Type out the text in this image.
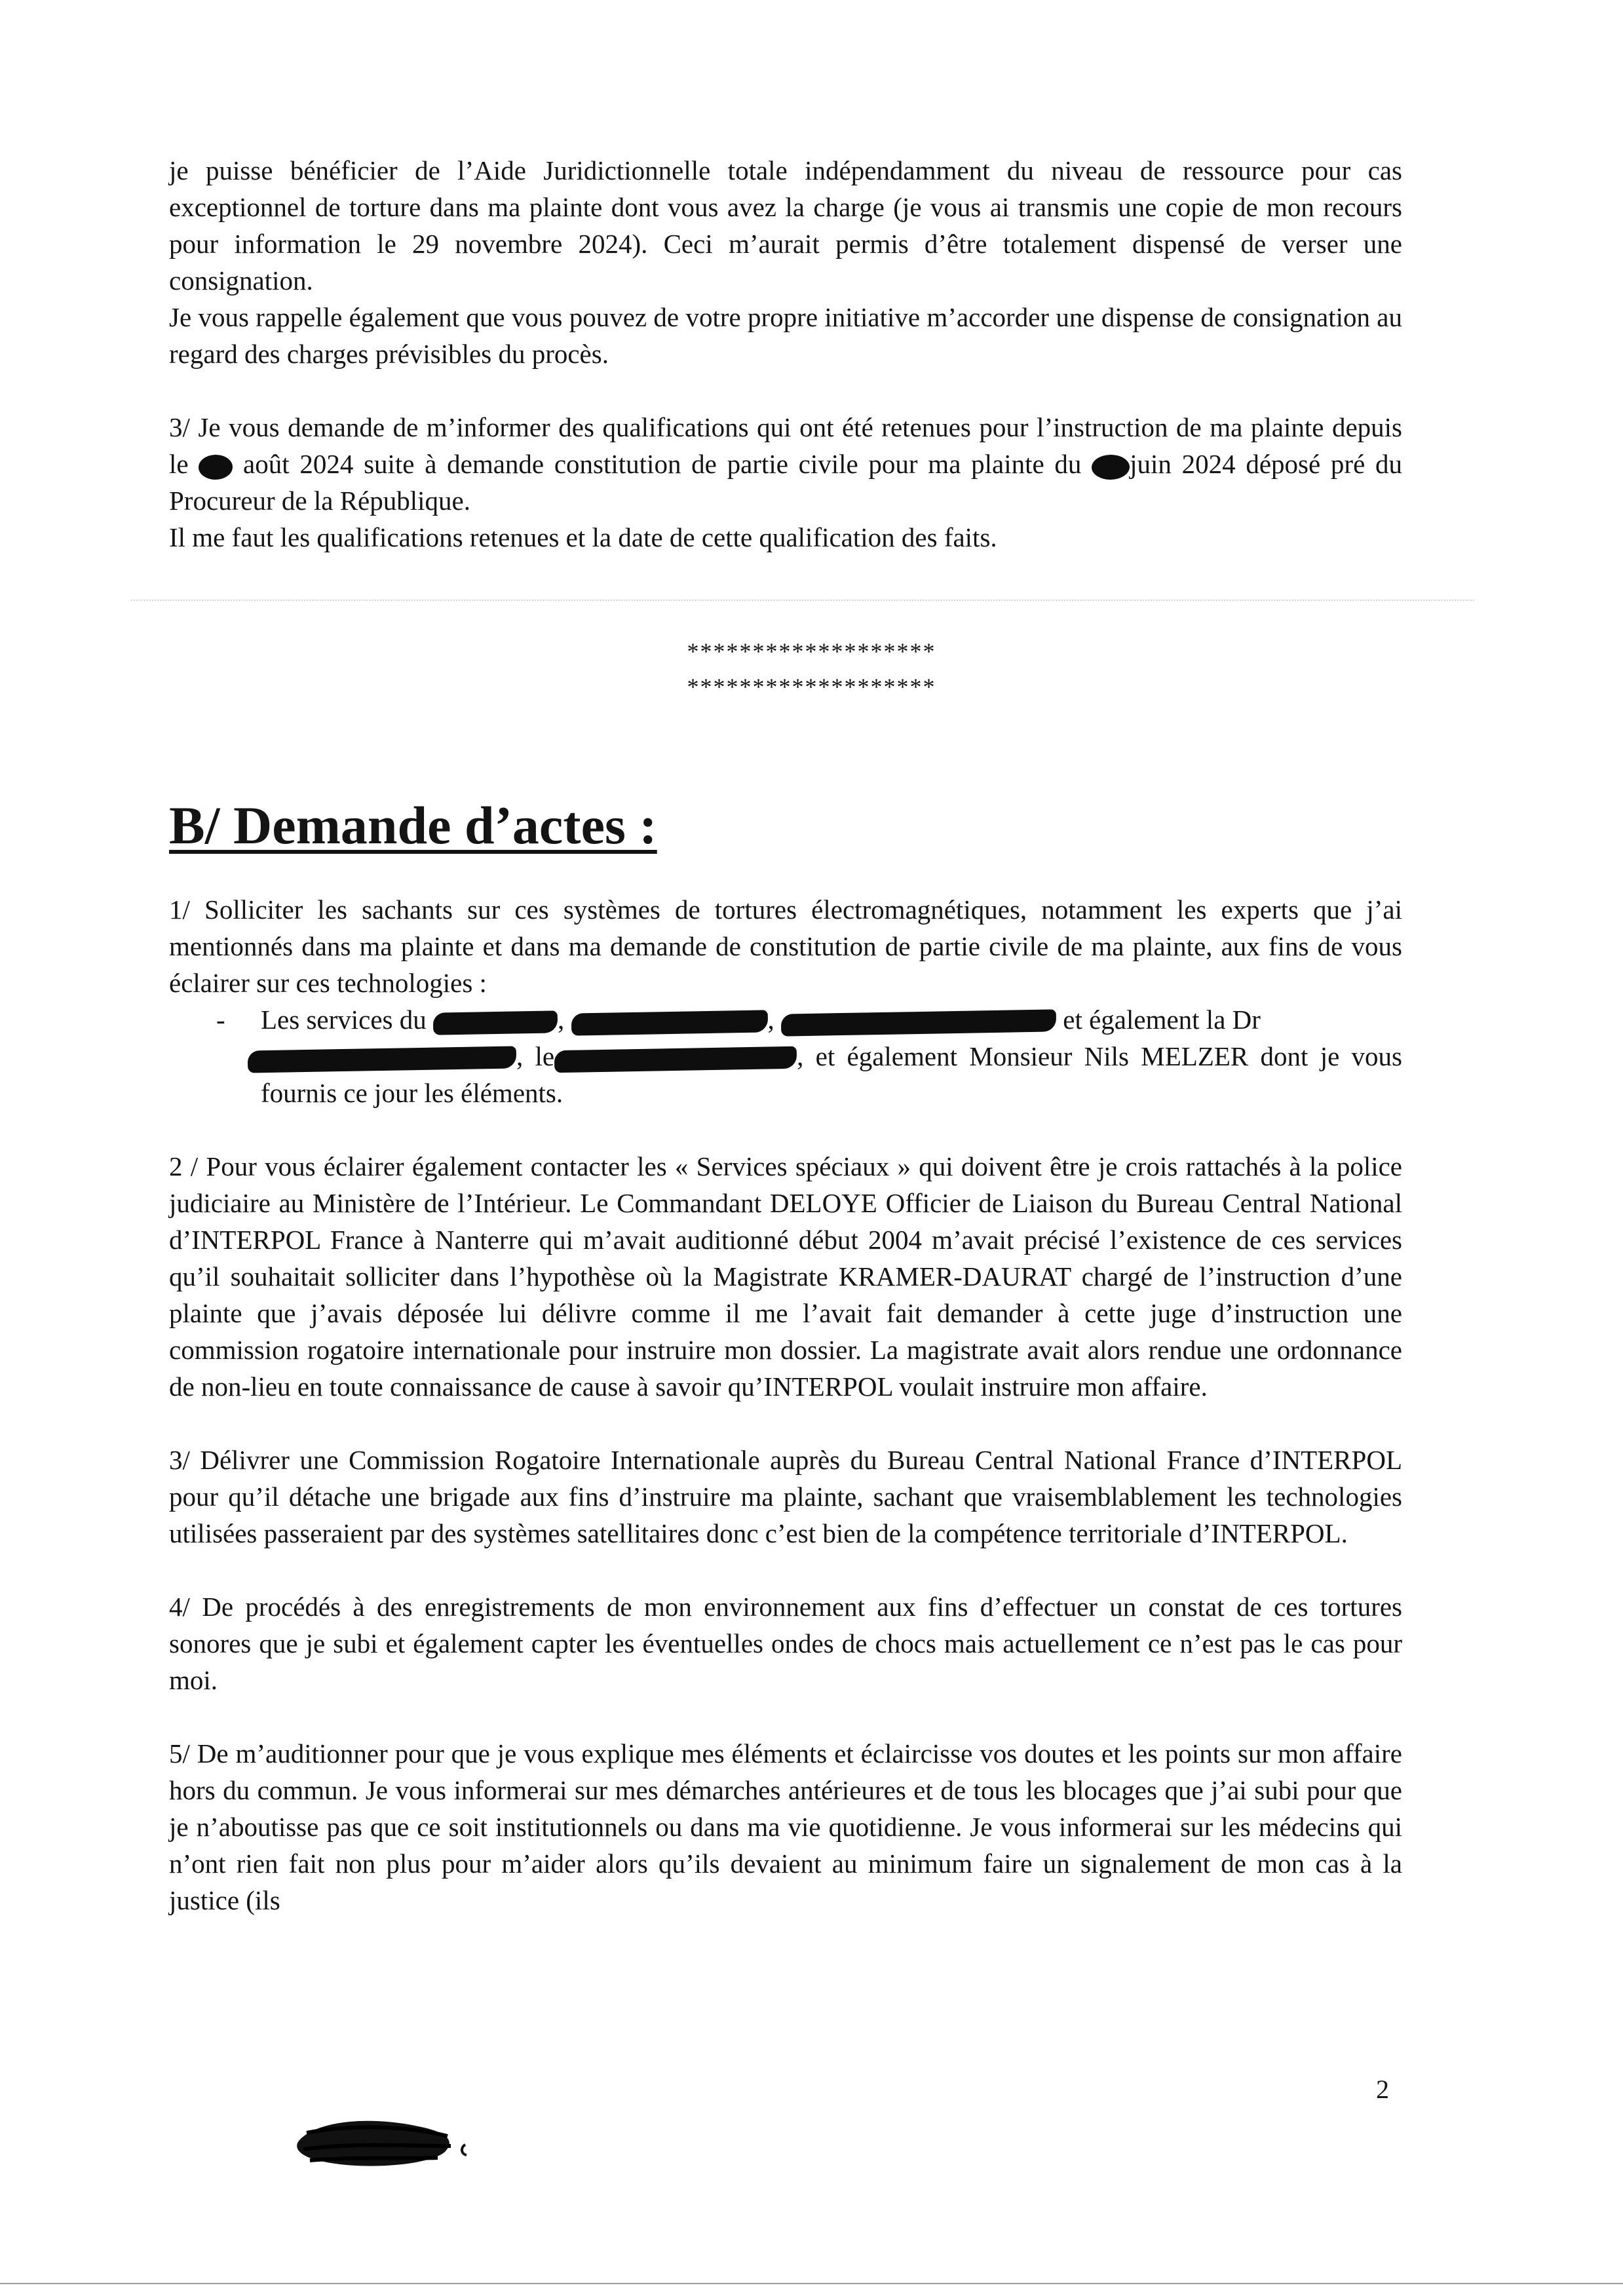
je puisse bénéficier de l’Aide Juridictionnelle totale indépendamment du niveau de ressource pour cas exceptionnel de torture dans ma plainte dont vous avez la charge (je vous ai transmis une copie de mon recours pour information le 29 novembre 2024). Ceci m’aurait permis d’être totalement dispensé de verser une consignation.

Je vous rappelle également que vous pouvez de votre propre initiative m’accorder une dispense de consignation au regard des charges prévisibles du procès.

3/ Je vous demande de m’informer des qualifications qui ont été retenues pour l’instruction de ma plainte depuis le  août 2024 suite à demande constitution de partie civile pour ma plainte du juin 2024 déposé pré du Procureur de la République.

Il me faut les qualifications retenues et la date de cette qualification des faits.

*******************
*******************
B/ Demande d’actes :

1/ Solliciter les sachants sur ces systèmes de tortures électromagnétiques, notamment les experts que j’ai mentionnés dans ma plainte et dans ma demande de constitution de partie civile de ma plainte, aux fins de vous éclairer sur ces technologies :

-	Les services du	,	,	et également la Dr
, le	, et également Monsieur Nils MELZER dont je vous fournis ce jour les éléments.

2 / Pour vous éclairer également contacter les « Services spéciaux » qui doivent être je crois rattachés à la police judiciaire au Ministère de l’Intérieur. Le Commandant DELOYE Officier de Liaison du Bureau Central National d’INTERPOL France à Nanterre qui m’avait auditionné début 2004 m’avait précisé l’existence de ces services qu’il souhaitait solliciter dans l’hypothèse où la Magistrate KRAMER-DAURAT chargé de l’instruction d’une plainte que j’avais déposée lui délivre comme il me l’avait fait demander à cette juge d’instruction une commission rogatoire internationale pour instruire mon dossier. La magistrate avait alors rendue une ordonnance de non-lieu en toute connaissance de cause à savoir qu’INTERPOL voulait instruire mon affaire.

3/ Délivrer une Commission Rogatoire Internationale auprès du Bureau Central National France d’INTERPOL pour qu’il détache une brigade aux fins d’instruire ma plainte, sachant que vraisemblablement les technologies utilisées passeraient par des systèmes satellitaires donc c’est bien de la compétence territoriale d’INTERPOL.

4/ De procédés à des enregistrements de mon environnement aux fins d’effectuer un constat de ces tortures sonores que je subi et également capter les éventuelles ondes de chocs mais actuellement ce n’est pas le cas pour moi.

5/ De m’auditionner pour que je vous explique mes éléments et éclaircisse vos doutes et les points sur mon affaire hors du commun. Je vous informerai sur mes démarches antérieures et de tous les blocages que j’ai subi pour que je n’aboutisse pas que ce soit institutionnels ou dans ma vie quotidienne. Je vous informerai sur les médecins qui n’ont rien fait non plus pour m’aider alors qu’ils devaient au minimum faire un signalement de mon cas à la justice (ils

2
